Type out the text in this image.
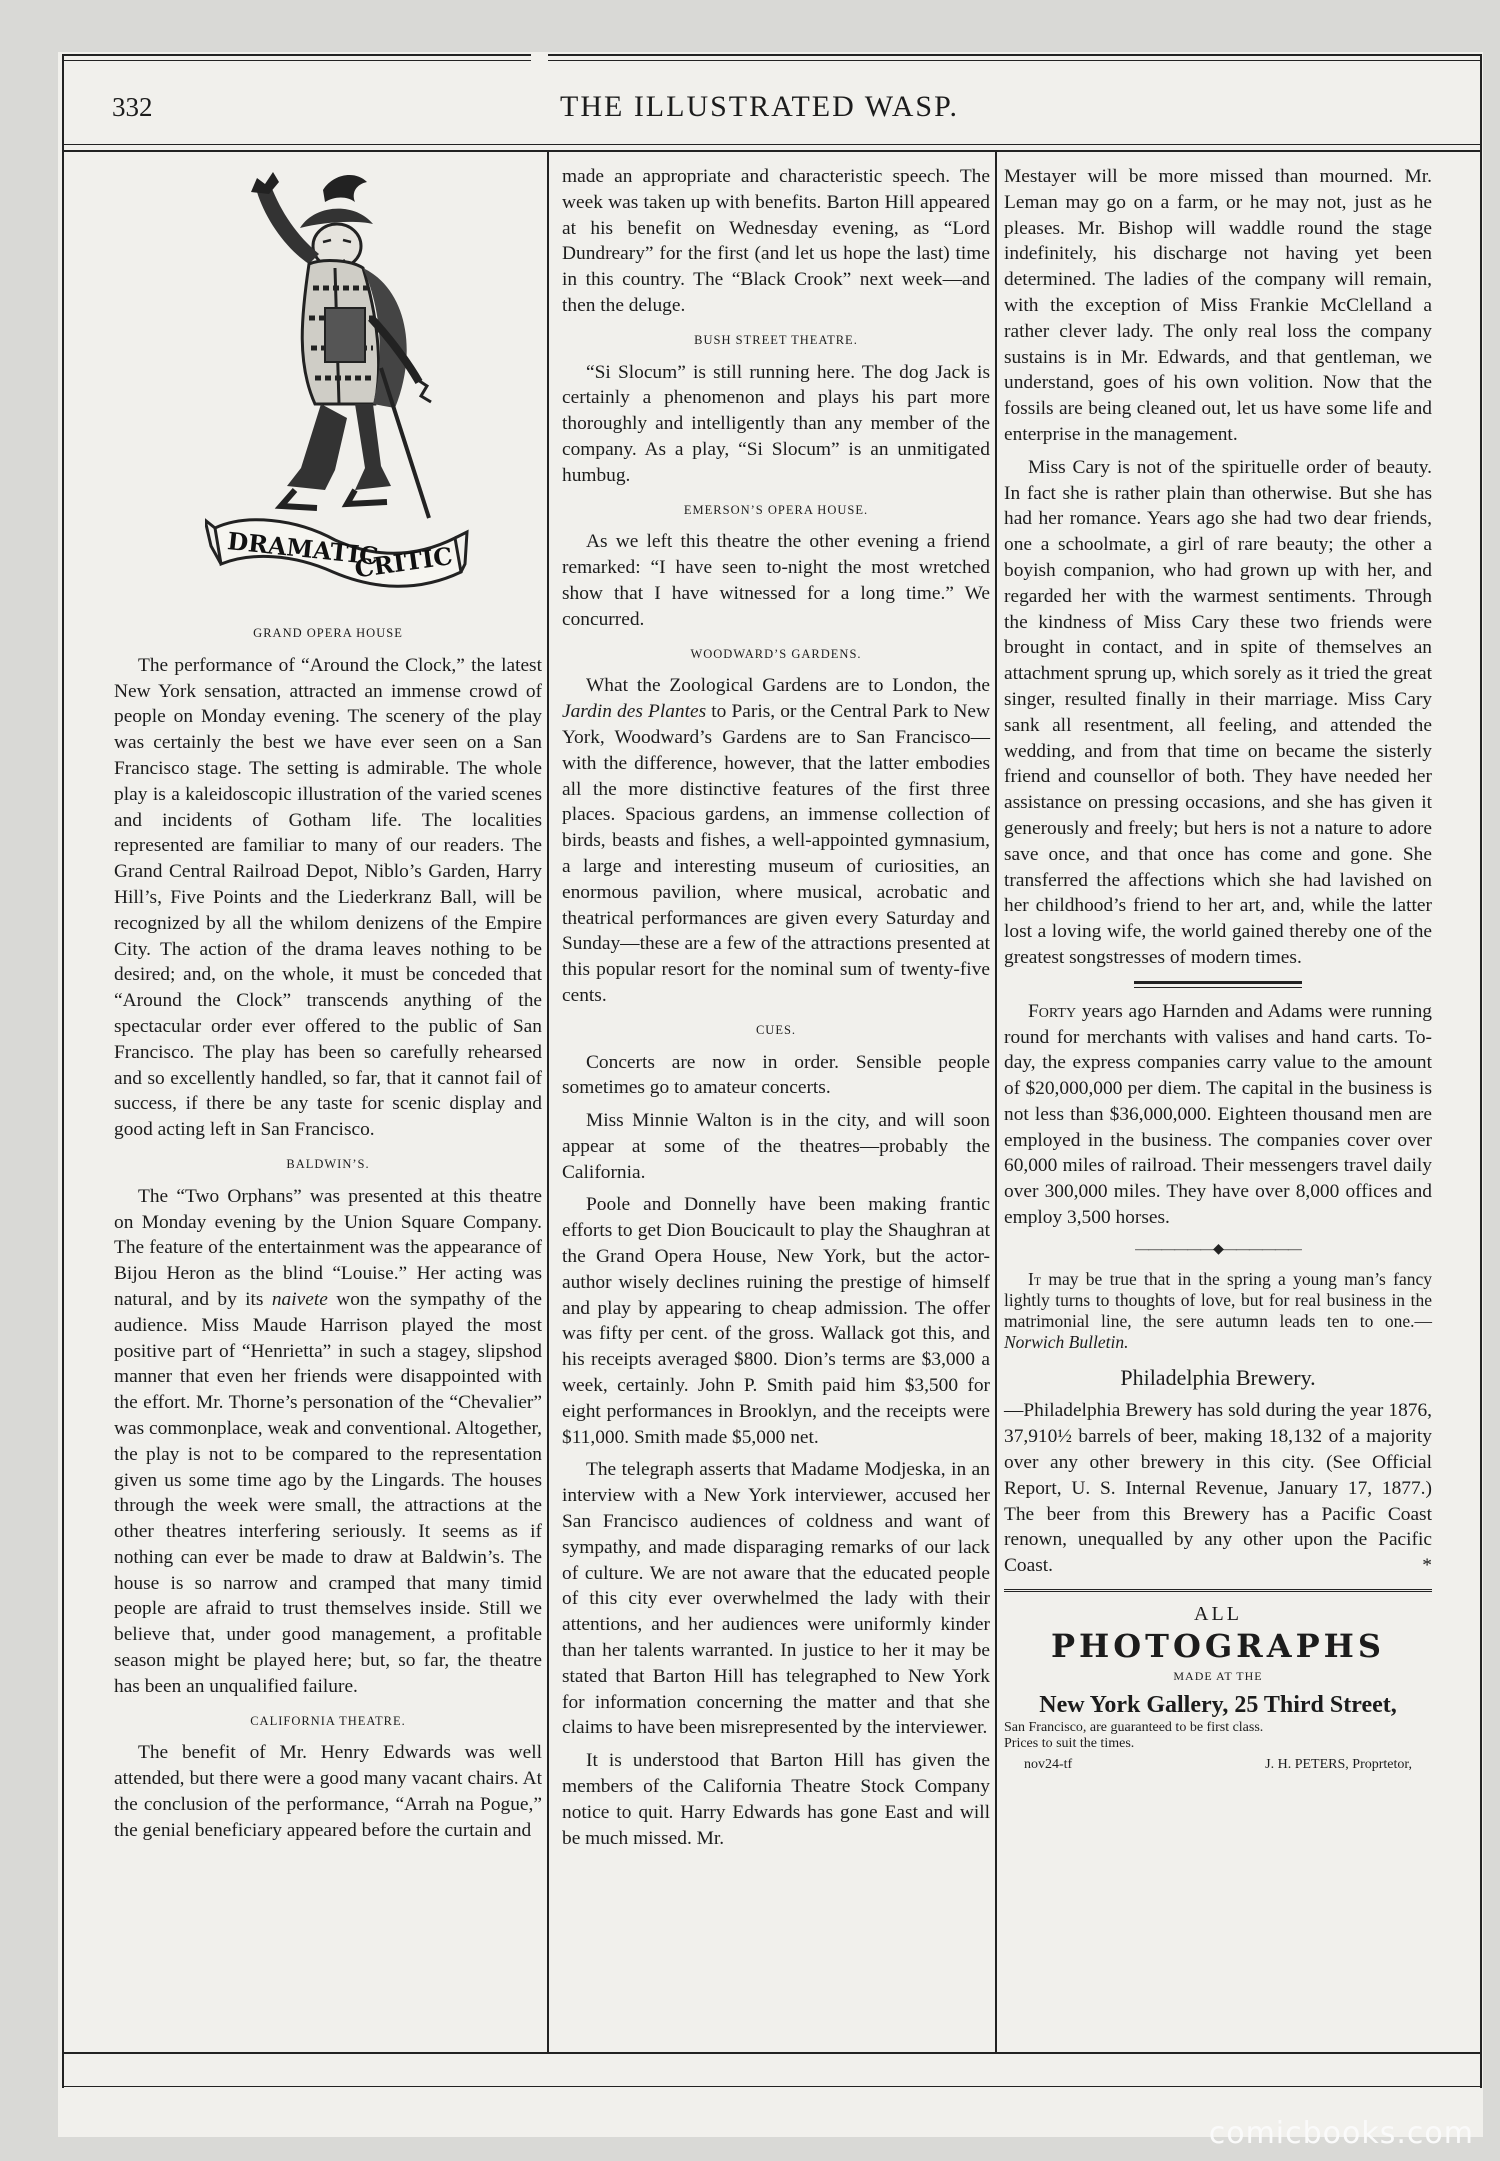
332	THE ILLUSTRATED WASP.
DRAMATIC
CRITIC
GRAND OPERA HOUSE

The performance of “Around the Clock,” the latest New York sensation, attracted an immense crowd of people on Monday evening. The scenery of the play was certainly the best we have ever seen on a San Francisco stage. The setting is admirable. The whole play is a kaleidoscopic illustration of the varied scenes and incidents of Gotham life. The localities represented are familiar to many of our readers. The Grand Central Railroad Depot, Niblo’s Garden, Harry Hill’s, Five Points and the Liederkranz Ball, will be recognized by all the whilom denizens of the Empire City. The action of the drama leaves nothing to be desired; and, on the whole, it must be conceded that “Around the Clock” transcends anything of the spectacular order ever offered to the public of San Francisco. The play has been so carefully rehearsed and so excellently handled, so far, that it cannot fail of success, if there be any taste for scenic display and good acting left in San Francisco.

BALDWIN’S.

The “Two Orphans” was presented at this theatre on Monday evening by the Union Square Company. The feature of the entertainment was the appearance of Bijou Heron as the blind “Louise.” Her acting was natural, and by its naivete won the sympathy of the audience. Miss Maude Harrison played the most positive part of “Henrietta” in such a stagey, slipshod manner that even her friends were disappointed with the effort. Mr. Thorne’s personation of the “Chevalier” was commonplace, weak and conventional. Altogether, the play is not to be compared to the representation given us some time ago by the Lingards. The houses through the week were small, the attractions at the other theatres interfering seriously. It seems as if nothing can ever be made to draw at Baldwin’s. The house is so narrow and cramped that many timid people are afraid to trust themselves inside. Still we believe that, under good management, a profitable season might be played here; but, so far, the theatre has been an unqualified failure.

CALIFORNIA THEATRE.

The benefit of Mr. Henry Edwards was well attended, but there were a good many vacant chairs. At the conclusion of the performance, “Arrah na Pogue,” the genial beneficiary appeared before the curtain and

made an appropriate and characteristic speech. The week was taken up with benefits. Barton Hill appeared at his benefit on Wednesday evening, as “Lord Dundreary” for the first (and let us hope the last) time in this country. The “Black Crook” next week—and then the deluge.

BUSH STREET THEATRE.

“Si Slocum” is still running here. The dog Jack is certainly a phenomenon and plays his part more thoroughly and intelligently than any member of the company. As a play, “Si Slocum” is an unmitigated humbug.

EMERSON’S OPERA HOUSE.

As we left this theatre the other evening a friend remarked: “I have seen to-night the most wretched show that I have witnessed for a long time.” We concurred.

WOODWARD’S GARDENS.

What the Zoological Gardens are to London, the Jardin des Plantes to Paris, or the Central Park to New York, Woodward’s Gardens are to San Francisco—with the difference, however, that the latter embodies all the more distinctive features of the first three places. Spacious gardens, an immense collection of birds, beasts and fishes, a well-appointed gymnasium, a large and interesting museum of curiosities, an enormous pavilion, where musical, acrobatic and theatrical performances are given every Saturday and Sunday—these are a few of the attractions presented at this popular resort for the nominal sum of twenty-five cents.

CUES.

Concerts are now in order. Sensible people sometimes go to amateur concerts.

Miss Minnie Walton is in the city, and will soon appear at some of the theatres—probably the California.

Poole and Donnelly have been making frantic efforts to get Dion Boucicault to play the Shaughran at the Grand Opera House, New York, but the actor-author wisely declines ruining the prestige of himself and play by appearing to cheap admission. The offer was fifty per cent. of the gross. Wallack got this, and his receipts averaged $800. Dion’s terms are $3,000 a week, certainly. John P. Smith paid him $3,500 for eight performances in Brooklyn, and the receipts were $11,000. Smith made $5,000 net.

The telegraph asserts that Madame Modjeska, in an interview with a New York interviewer, accused her San Francisco audiences of coldness and want of sympathy, and made disparaging remarks of our lack of culture. We are not aware that the educated people of this city ever overwhelmed the lady with their attentions, and her audiences were uniformly kinder than her talents warranted. In justice to her it may be stated that Barton Hill has telegraphed to New York for information concerning the matter and that she claims to have been misrepresented by the interviewer.

It is understood that Barton Hill has given the members of the California Theatre Stock Company notice to quit. Harry Edwards has gone East and will be much missed. Mr.

Mestayer will be more missed than mourned. Mr. Leman may go on a farm, or he may not, just as he pleases. Mr. Bishop will waddle round the stage indefinitely, his discharge not having yet been determined. The ladies of the company will remain, with the exception of Miss Frankie McClelland a rather clever lady. The only real loss the company sustains is in Mr. Edwards, and that gentleman, we understand, goes of his own volition. Now that the fossils are being cleaned out, let us have some life and enterprise in the management.

Miss Cary is not of the spirituelle order of beauty. In fact she is rather plain than otherwise. But she has had her romance. Years ago she had two dear friends, one a schoolmate, a girl of rare beauty; the other a boyish companion, who had grown up with her, and regarded her with the warmest sentiments. Through the kindness of Miss Cary these two friends were brought in contact, and in spite of themselves an attachment sprung up, which sorely as it tried the great singer, resulted finally in their marriage. Miss Cary sank all resentment, all feeling, and attended the wedding, and from that time on became the sisterly friend and counsellor of both. They have needed her assistance on pressing occasions, and she has given it generously and freely; but hers is not a nature to adore save once, and that once has come and gone. She transferred the affections which she had lavished on her childhood’s friend to her art, and, while the latter lost a loving wife, the world gained thereby one of the greatest songstresses of modern times.

Forty years ago Harnden and Adams were running round for merchants with valises and hand carts. To-day, the express companies carry value to the amount of $20,000,000 per diem. The capital in the business is not less than $36,000,000. Eighteen thousand men are employed in the business. The companies cover over 60,000 miles of railroad. Their messengers travel daily over 300,000 miles. They have over 8,000 offices and employ 3,500 horses.

――――――◆――――――

It may be true that in the spring a young man’s fancy lightly turns to thoughts of love, but for real business in the matrimonial line, the sere autumn leads ten to one.—Norwich Bulletin.

Philadelphia Brewery.

—Philadelphia Brewery has sold during the year 1876, 37,910½ barrels of beer, making 18,132 of a majority over any other brewery in this city. (See Official Report, U. S. Internal Revenue, January 17, 1877.) The beer from this Brewery has a Pacific Coast renown, unequalled by any other upon the Pacific Coast.	*

ALL
PHOTOGRAPHS
MADE AT THE
New York Gallery, 25 Third Street,
San Francisco, are guaranteed to be first class.
Prices to suit the times.
nov24-tf	J. H. PETERS, Proprtetor,
comicbooks.com
